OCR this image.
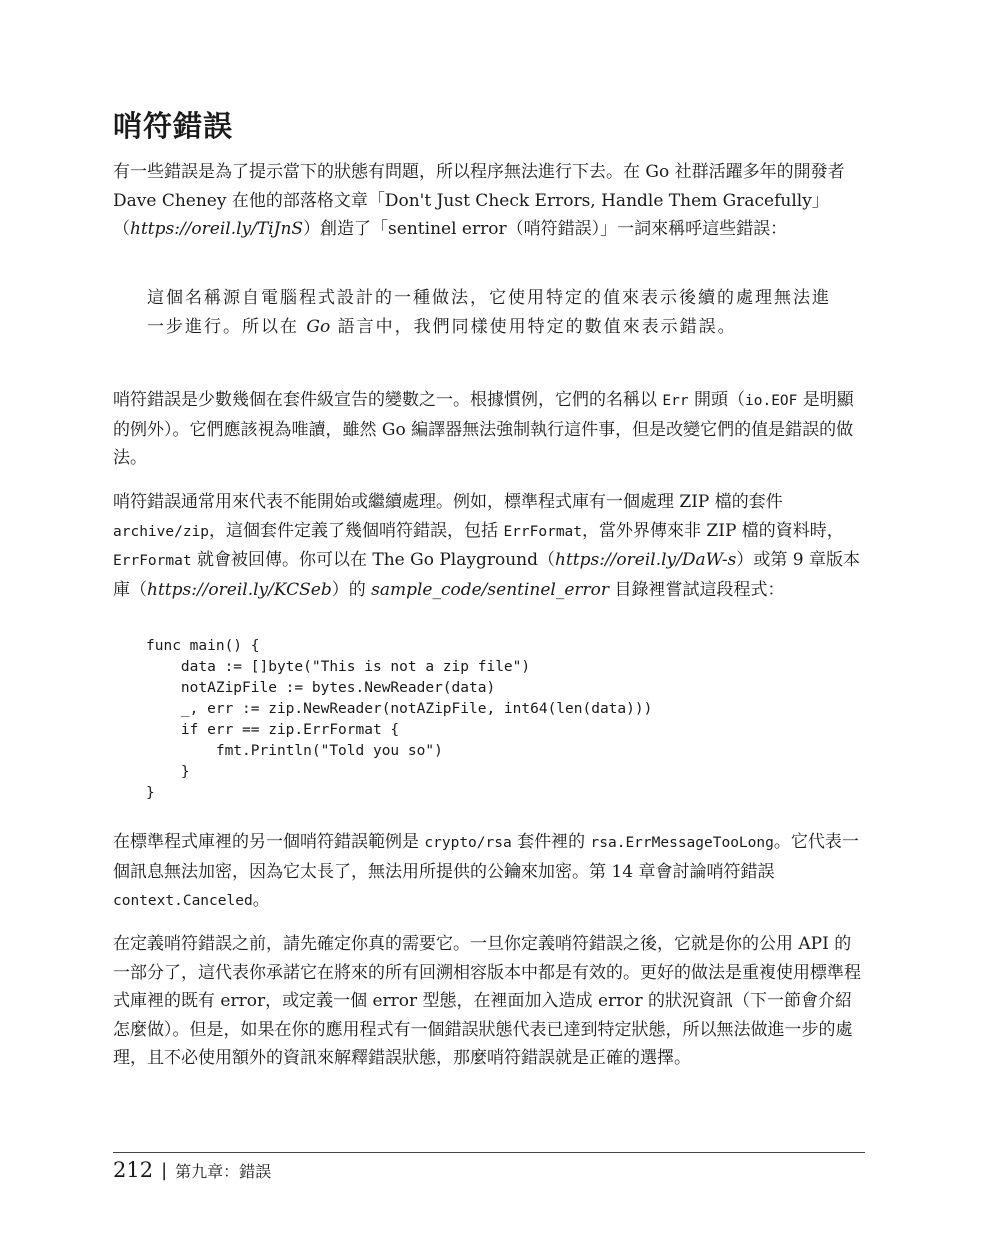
哨符錯誤

有一些錯誤是為了提示當下的狀態有問題，所以程序無法進行下去。在 Go 社群活躍多年的開發者 Dave Cheney 在他的部落格文章「Don't Just Check Errors, Handle Them Gracefully」（https://oreil.ly/TiJnS）創造了「sentinel error（哨符錯誤）」一詞來稱呼這些錯誤：

這個名稱源自電腦程式設計的一種做法，它使用特定的值來表示後續的處理無法進一步進行。所以在 Go 語言中，我們同樣使用特定的數值來表示錯誤。

哨符錯誤是少數幾個在套件級宣告的變數之一。根據慣例，它們的名稱以 Err 開頭（io.EOF 是明顯的例外）。它們應該視為唯讀，雖然 Go 編譯器無法強制執行這件事，但是改變它們的值是錯誤的做法。

哨符錯誤通常用來代表不能開始或繼續處理。例如，標準程式庫有一個處理 ZIP 檔的套件 archive/zip，這個套件定義了幾個哨符錯誤，包括 ErrFormat，當外界傳來非 ZIP 檔的資料時，ErrFormat 就會被回傳。你可以在 The Go Playground（https://oreil.ly/DaW-s）或第 9 章版本庫（https://oreil.ly/KCSeb）的 sample_code/sentinel_error 目錄裡嘗試這段程式：

func main() {
data := []byte("This is not a zip file")
notAZipFile := bytes.NewReader(data)
_, err := zip.NewReader(notAZipFile, int64(len(data)))
if err == zip.ErrFormat {
fmt.Println("Told you so")
}
}

在標準程式庫裡的另一個哨符錯誤範例是 crypto/rsa 套件裡的 rsa.ErrMessageTooLong。它代表一個訊息無法加密，因為它太長了，無法用所提供的公鑰來加密。第 14 章會討論哨符錯誤 context.Canceled。

在定義哨符錯誤之前，請先確定你真的需要它。一旦你定義哨符錯誤之後，它就是你的公用 API 的一部分了，這代表你承諾它在將來的所有回溯相容版本中都是有效的。更好的做法是重複使用標準程式庫裡的既有 error，或定義一個 error 型態，在裡面加入造成 error 的狀況資訊（下一節會介紹怎麼做）。但是，如果在你的應用程式有一個錯誤狀態代表已達到特定狀態，所以無法做進一步的處理，且不必使用額外的資訊來解釋錯誤狀態，那麼哨符錯誤就是正確的選擇。

212 | 第九章：錯誤
